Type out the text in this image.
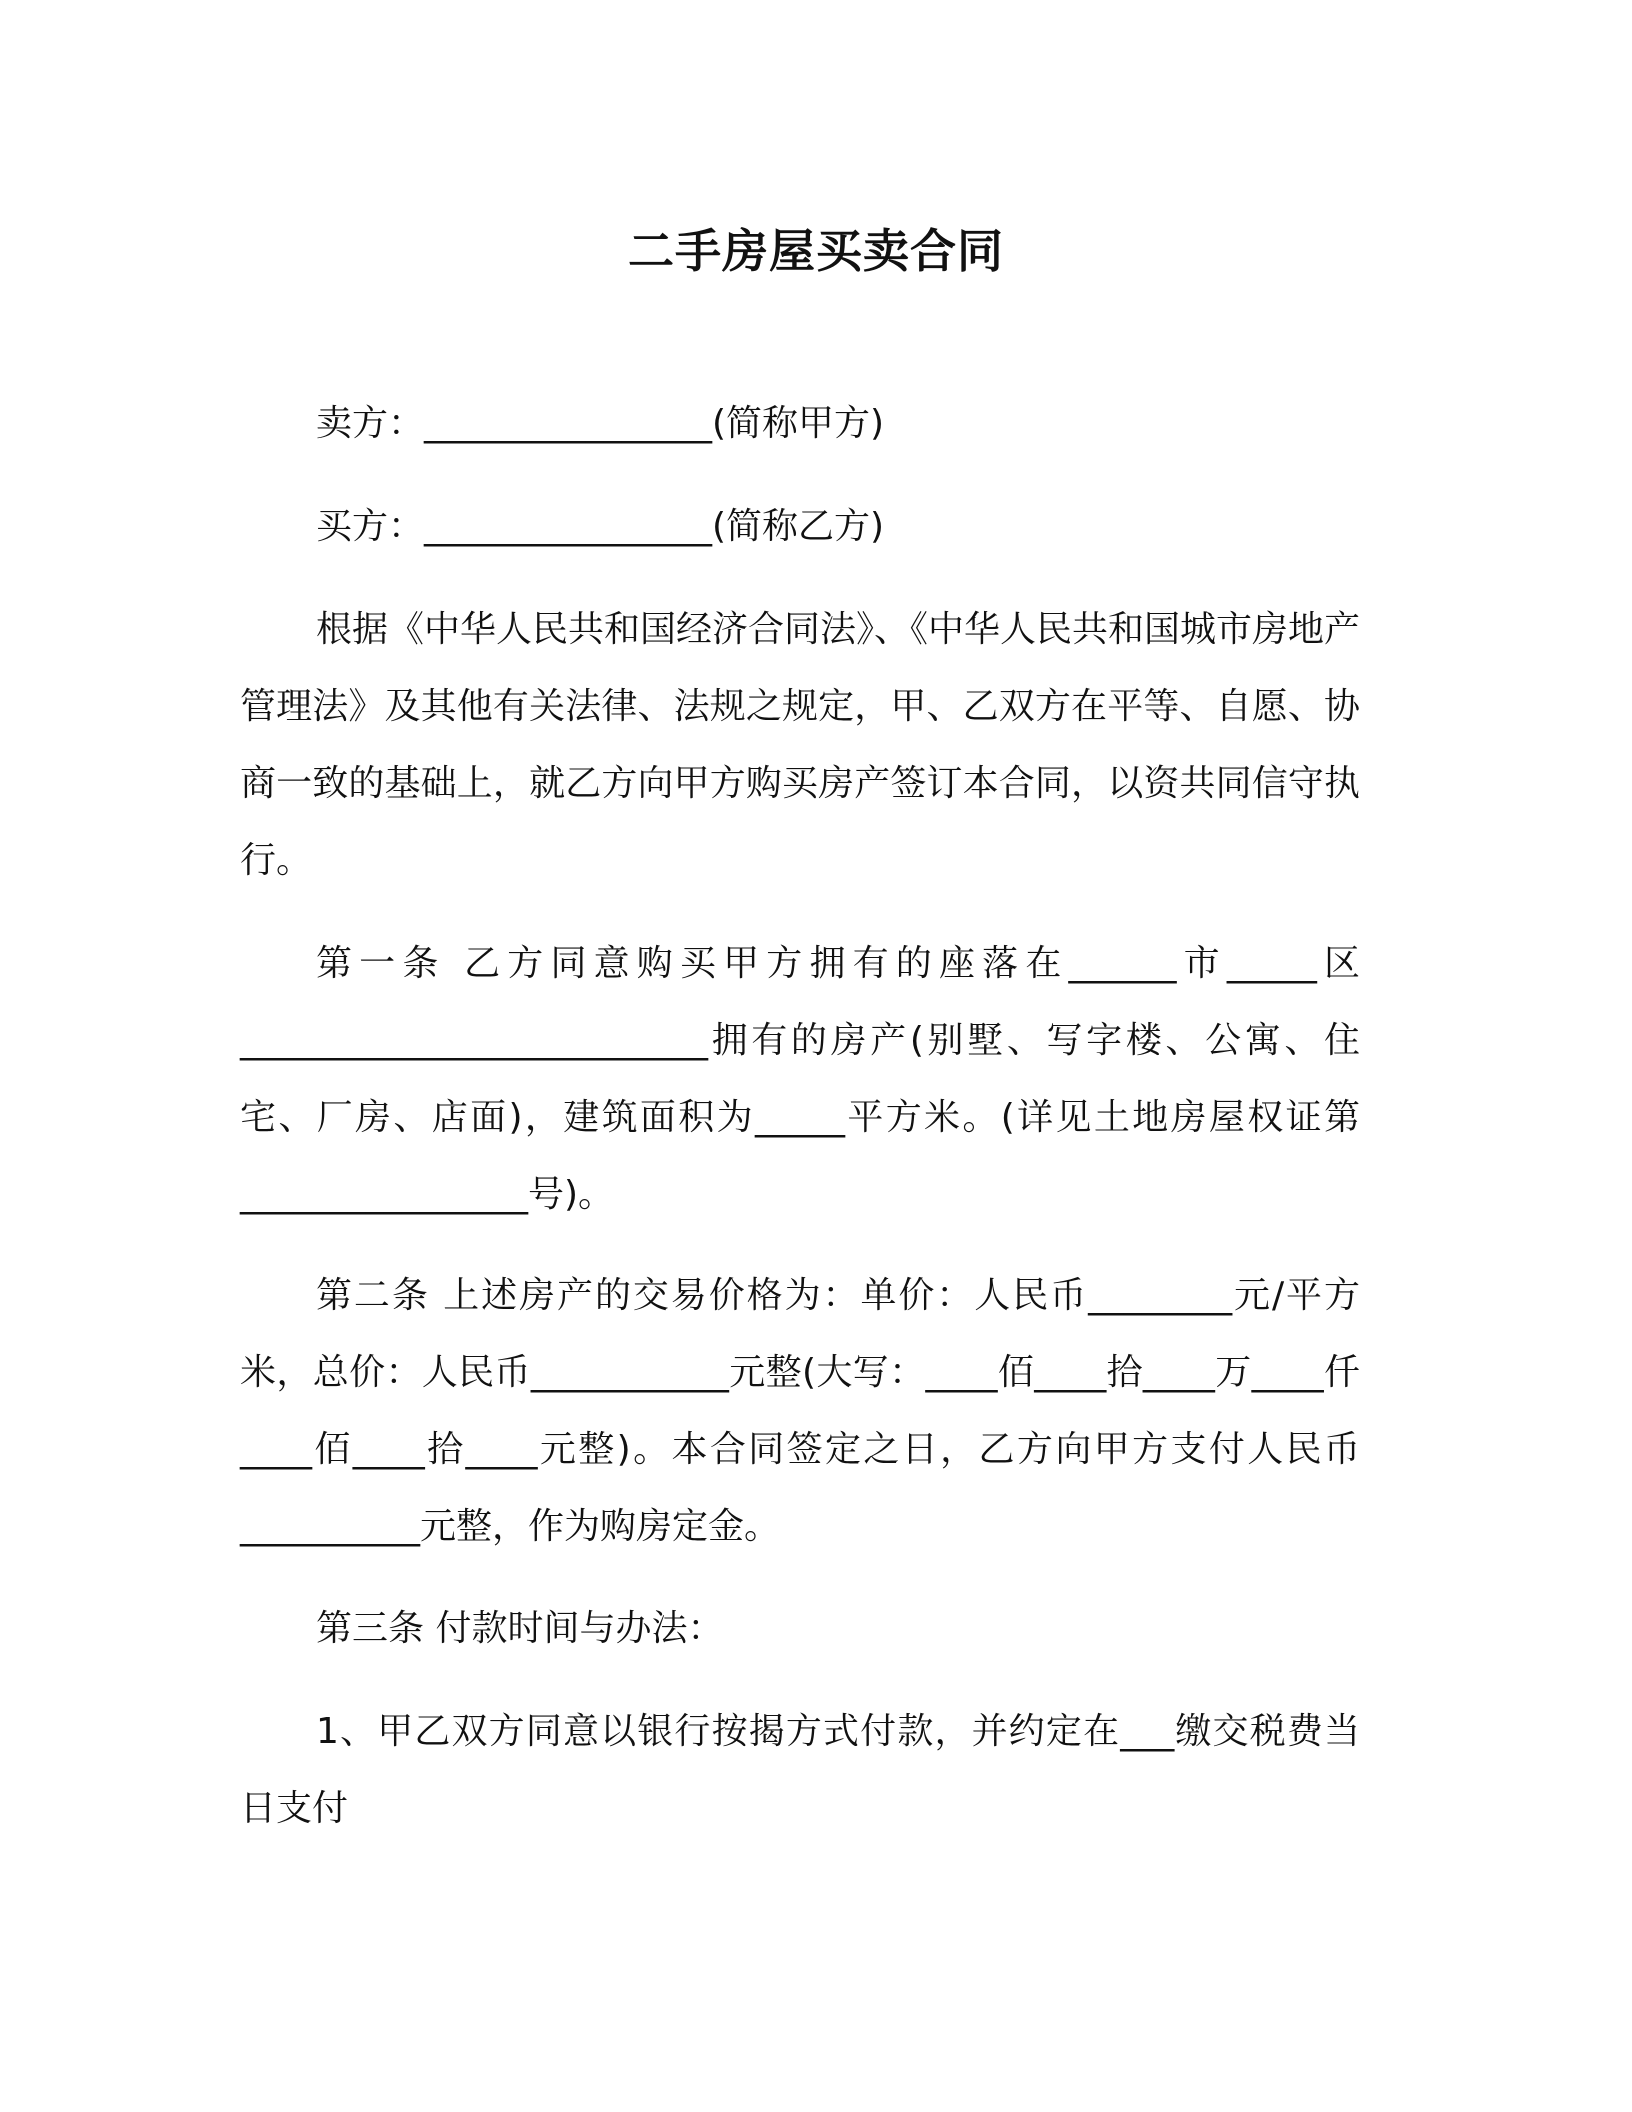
二手房屋买卖合同

卖方：________________(简称甲方)

买方：________________(简称乙方)

根据《中华人民共和国经济合同法》、《中华人民共和国城市房地产管理法》及其他有关法律、法规之规定，甲、乙双方在平等、自愿、协商一致的基础上，就乙方向甲方购买房产签订本合同，以资共同信守执行。

第一条 乙方同意购买甲方拥有的座落在______市_____区__________________________拥有的房产(别墅、写字楼、公寓、住宅、厂房、店面)，建筑面积为_____平方米。(详见土地房屋权证第________________号)。

第二条 上述房产的交易价格为：单价：人民币________元/平方米，总价：人民币___________元整(大写：____佰____拾____万____仟____佰____拾____元整)。本合同签定之日，乙方向甲方支付人民币__________元整，作为购房定金。

第三条 付款时间与办法：

1、甲乙双方同意以银行按揭方式付款，并约定在___缴交税费当日支付
